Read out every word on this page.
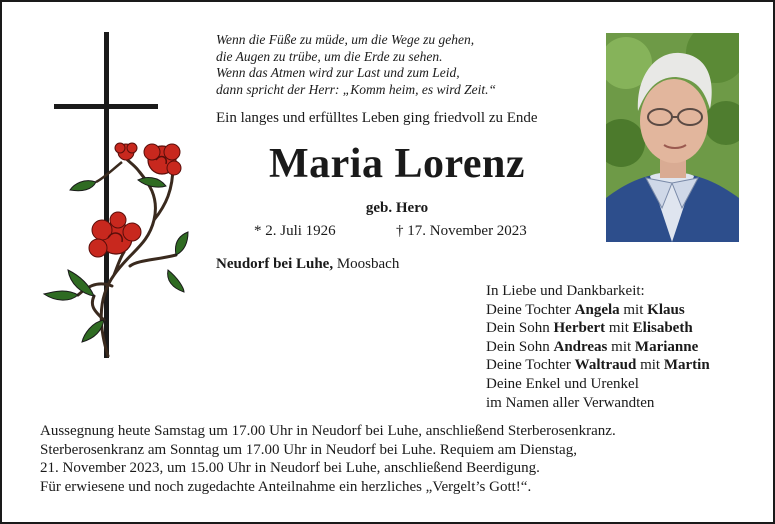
Wenn die Füße zu müde, um die Wege zu gehen,
die Augen zu trübe, um die Erde zu sehen.
Wenn das Atmen wird zur Last und zum Leid,
dann spricht der Herr: „Komm heim, es wird Zeit.“
Ein langes und erfülltes Leben ging friedvoll zu Ende
Maria Lorenz
geb. Hero
* 2. Juli 1926	† 17. November 2023
Neudorf bei Luhe, Moosbach
In Liebe und Dankbarkeit:
Deine Tochter Angela mit Klaus
Dein Sohn Herbert mit Elisabeth
Dein Sohn Andreas mit Marianne
Deine Tochter Waltraud mit Martin
Deine Enkel und Urenkel
im Namen aller Verwandten
Aussegnung heute Samstag um 17.00 Uhr in Neudorf bei Luhe, anschließend Sterberosenkranz.
Sterberosenkranz am Sonntag um 17.00 Uhr in Neudorf bei Luhe. Requiem am Dienstag,
21. November 2023, um 15.00 Uhr in Neudorf bei Luhe, anschließend Beerdigung.
Für erwiesene und noch zugedachte Anteilnahme ein herzliches „Vergelt’s Gott!“.
